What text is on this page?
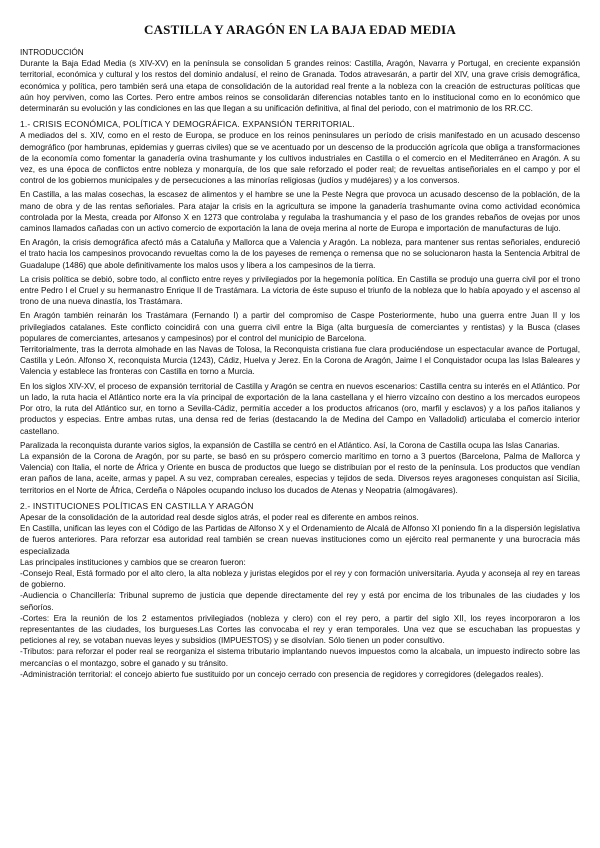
CASTILLA Y ARAGÓN EN LA BAJA EDAD MEDIA
INTRODUCCIÓN

Durante la Baja Edad Media (s XIV-XV) en la península se consolidan 5 grandes reinos: Castilla, Aragón, Navarra y Portugal, en creciente expansión territorial, económica y cultural y los restos del dominio andalusí, el reino de Granada. Todos atravesarán, a partir del XIV, una grave crisis demográfica, económica y política, pero también será una etapa de consolidación de la autoridad real frente a la nobleza con la creación de estructuras políticas que aún hoy perviven, como las Cortes. Pero entre ambos reinos se consolidarán diferencias notables tanto en lo institucional como en lo económico que determinarán su evolución y las condiciones en las que llegan a su unificación definitiva, al final del periodo, con el matrimonio de los RR.CC.

1.- CRISIS ECONÓMICA, POLÍTICA Y DEMOGRÁFICA. EXPANSIÓN TERRITORIAL.

A mediados del s. XIV, como en el resto de Europa, se produce en los reinos peninsulares un período de crisis manifestado en un acusado descenso demográfico (por hambrunas, epidemias y guerras civiles) que se ve acentuado por un descenso de la producción agrícola que obliga a transformaciones de la economía como fomentar la ganadería ovina trashumante y los cultivos industriales en Castilla o el comercio en el Mediterráneo en Aragón. A su vez, es una época de conflictos entre nobleza y monarquía, de los que sale reforzado el poder real; de revueltas antiseñoriales en el campo y por el control de los gobiernos municipales y de persecuciones a las minorías religiosas (judíos y mudéjares) y a los conversos.

En Castilla, a las malas cosechas, la escasez de alimentos y el hambre se une la Peste Negra que provoca un acusado descenso de la población, de la mano de obra y de las rentas señoriales. Para atajar la crisis en la agricultura se impone la ganadería trashumante ovina como actividad económica controlada por la Mesta, creada por Alfonso X en 1273 que controlaba y regulaba la trashumancia y el paso de los grandes rebaños de ovejas por unos caminos llamados cañadas con un activo comercio de exportación la lana de oveja merina al norte de Europa e importación de manufacturas de lujo.

En Aragón, la crisis demográfica afectó más a Cataluña y Mallorca que a Valencia y Aragón. La nobleza, para mantener sus rentas señoriales, endureció el trato hacia los campesinos provocando revueltas como la de los payeses de remença o remensa que no se solucionaron hasta la Sentencia Arbitral de Guadalupe (1486) que abole definitivamente los malos usos y libera a los campesinos de la tierra.

La crisis política se debió, sobre todo, al conflicto entre reyes y privilegiados por la hegemonía política. En Castilla se produjo una guerra civil por el trono entre Pedro I el Cruel y su hermanastro Enrique II de Trastámara. La victoria de éste supuso el triunfo de la nobleza que lo había apoyado y el ascenso al trono de una nueva dinastía, los Trastámara.

En Aragón también reinarán los Trastámara (Fernando I) a partir del compromiso de Caspe Posteriormente, hubo una guerra entre Juan II y los privilegiados catalanes. Este conflicto coincidirá con una guerra civil entre la Biga (alta burguesía de comerciantes y rentistas) y la Busca (clases populares de comerciantes, artesanos y campesinos) por el control del municipio de Barcelona.

Territorialmente, tras la derrota almohade en las Navas de Tolosa, la Reconquista cristiana fue clara produciéndose un espectacular avance de Portugal, Castilla y León. Alfonso X, reconquista Murcia (1243), Cádiz, Huelva y Jerez. En la Corona de Aragón, Jaime I el Conquistador ocupa las Islas Baleares y Valencia y establece las fronteras con Castilla en torno a Murcia.

En los siglos XIV-XV, el proceso de expansión territorial de Castilla y Aragón se centra en nuevos escenarios: Castilla centra su interés en el Atlántico. Por un lado, la ruta hacia el Atlántico norte era la vía principal de exportación de la lana castellana y el hierro vizcaíno con destino a los mercados europeos Por otro, la ruta del Atlántico sur, en torno a Sevilla-Cádiz, permitía acceder a los productos africanos (oro, marfil y esclavos) y a los paños italianos y productos y especias. Entre ambas rutas, una densa red de ferias (destacando la de Medina del Campo en Valladolid) articulaba el comercio interior castellano.

Paralizada la reconquista durante varios siglos, la expansión de Castilla se centró en el Atlántico. Así, la Corona de Castilla ocupa las Islas Canarias.

La expansión de la Corona de Aragón, por su parte, se basó en su próspero comercio marítimo en torno a 3 puertos (Barcelona, Palma de Mallorca y Valencia) con Italia, el norte de África y Oriente en busca de productos que luego se distribuían por el resto de la península. Los productos que vendían eran paños de lana, aceite, armas y papel. A su vez, compraban cereales, especias y tejidos de seda. Diversos reyes aragoneses conquistan así Sicilia, territorios en el Norte de África, Cerdeña o Nápoles ocupando incluso los ducados de Atenas y Neopatria (almogávares).

2.- INSTITUCIONES POLÍTICAS EN CASTILLA Y ARAGÓN

Apesar de la consolidación de la autoridad real desde siglos atrás, el poder real es diferente en ambos reinos.

En Castilla, unifican las leyes con el Código de las Partidas de Alfonso X y el Ordenamiento de Alcalá de Alfonso XI poniendo fin a la dispersión legislativa de fueros anteriores. Para reforzar esa autoridad real también se crean nuevas instituciones como un ejército real permanente y una burocracia más especializada

Las principales instituciones y cambios que se crearon fueron:

-Consejo Real, Está formado por el alto clero, la alta nobleza y juristas elegidos por el rey y con formación universitaria. Ayuda y aconseja al rey en tareas de gobierno.

-Audiencia o Chancillería: Tribunal supremo de justicia que depende directamente del rey y está por encima de los tribunales de las ciudades y los señoríos.

-Cortes: Era la reunión de los 2 estamentos privilegiados (nobleza y clero) con el rey pero, a partir del siglo XII, los reyes incorporaron a los representantes de las ciudades, los burgueses.Las Cortes las convocaba el rey y eran temporales. Una vez que se escuchaban las propuestas y peticiones al rey, se votaban nuevas leyes y subsidios (IMPUESTOS) y se disolvían. Sólo tienen un poder consultivo.

-Tributos: para reforzar el poder real se reorganiza el sistema tributario implantando nuevos impuestos como la alcabala, un impuesto indirecto sobre las mercancías o el montazgo, sobre el ganado y su tránsito.

-Administración territorial: el concejo abierto fue sustituido por un concejo cerrado con presencia de regidores y corregidores (delegados reales).
